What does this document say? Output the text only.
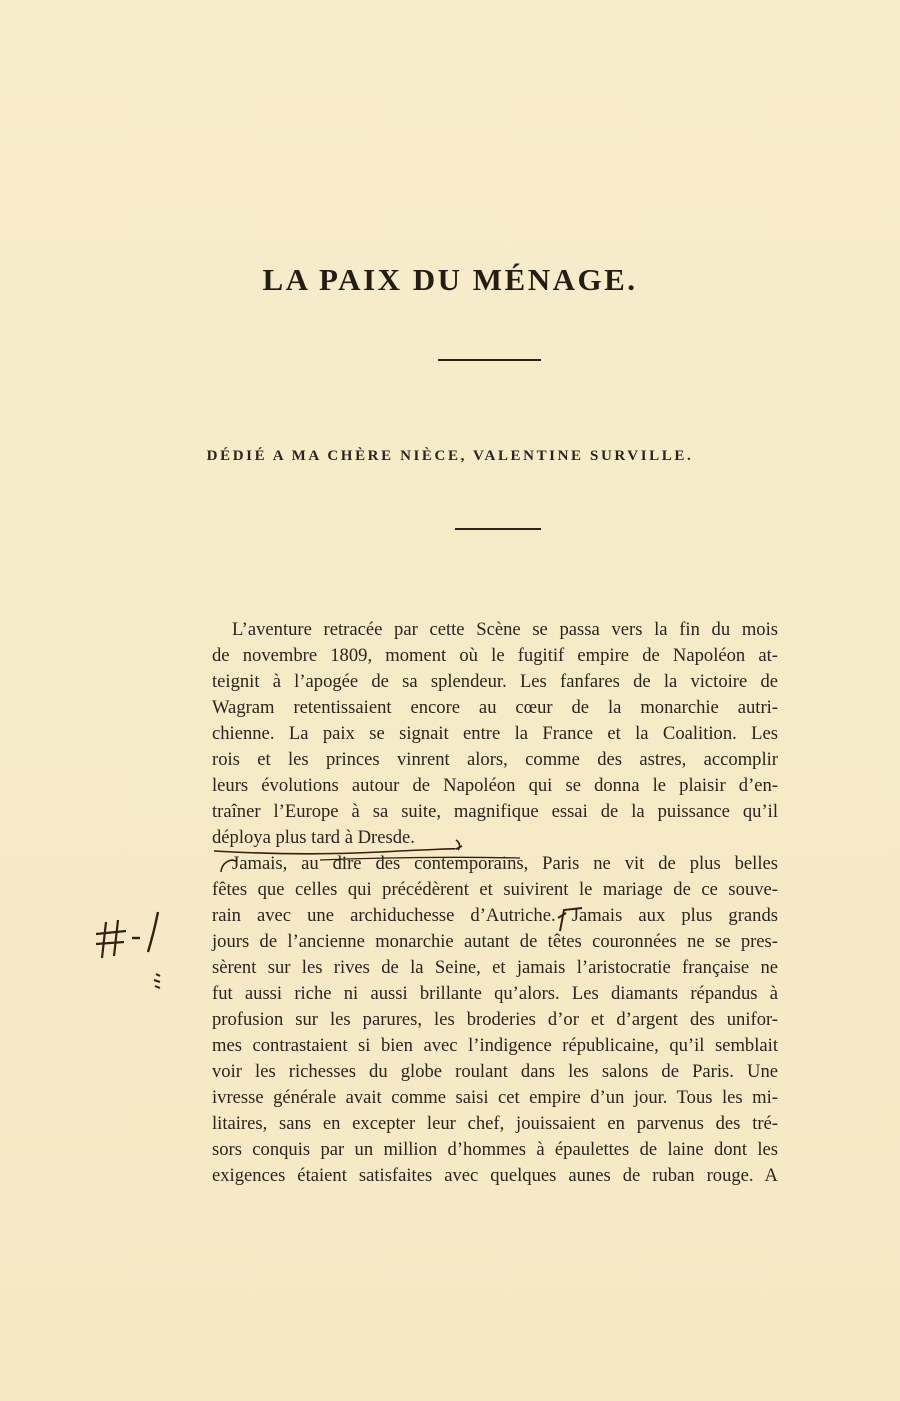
LA PAIX DU MÉNAGE.
DÉDIÉ A MA CHÈRE NIÈCE, VALENTINE SURVILLE.
L’aventure retracée par cette Scène se passa vers la fin du mois
de novembre 1809, moment où le fugitif empire de Napoléon at-
teignit à l’apogée de sa splendeur. Les fanfares de la victoire de
Wagram retentissaient encore au cœur de la monarchie autri-
chienne. La paix se signait entre la France et la Coalition. Les
rois et les princes vinrent alors, comme des astres, accomplir
leurs évolutions autour de Napoléon qui se donna le plaisir d’en-
traîner l’Europe à sa suite, magnifique essai de la puissance qu’il
déploya plus tard à Dresde.
Jamais, au dire des contemporains, Paris ne vit de plus belles
fêtes que celles qui précédèrent et suivirent le mariage de ce souve-
rain avec une archiduchesse d’Autriche. Jamais aux plus grands
jours de l’ancienne monarchie autant de têtes couronnées ne se pres-
sèrent sur les rives de la Seine, et jamais l’aristocratie française ne
fut aussi riche ni aussi brillante qu’alors. Les diamants répandus à
profusion sur les parures, les broderies d’or et d’argent des unifor-
mes contrastaient si bien avec l’indigence républicaine, qu’il semblait
voir les richesses du globe roulant dans les salons de Paris. Une
ivresse générale avait comme saisi cet empire d’un jour. Tous les mi-
litaires, sans en excepter leur chef, jouissaient en parvenus des tré-
sors conquis par un million d’hommes à épaulettes de laine dont les
exigences étaient satisfaites avec quelques aunes de ruban rouge. A
